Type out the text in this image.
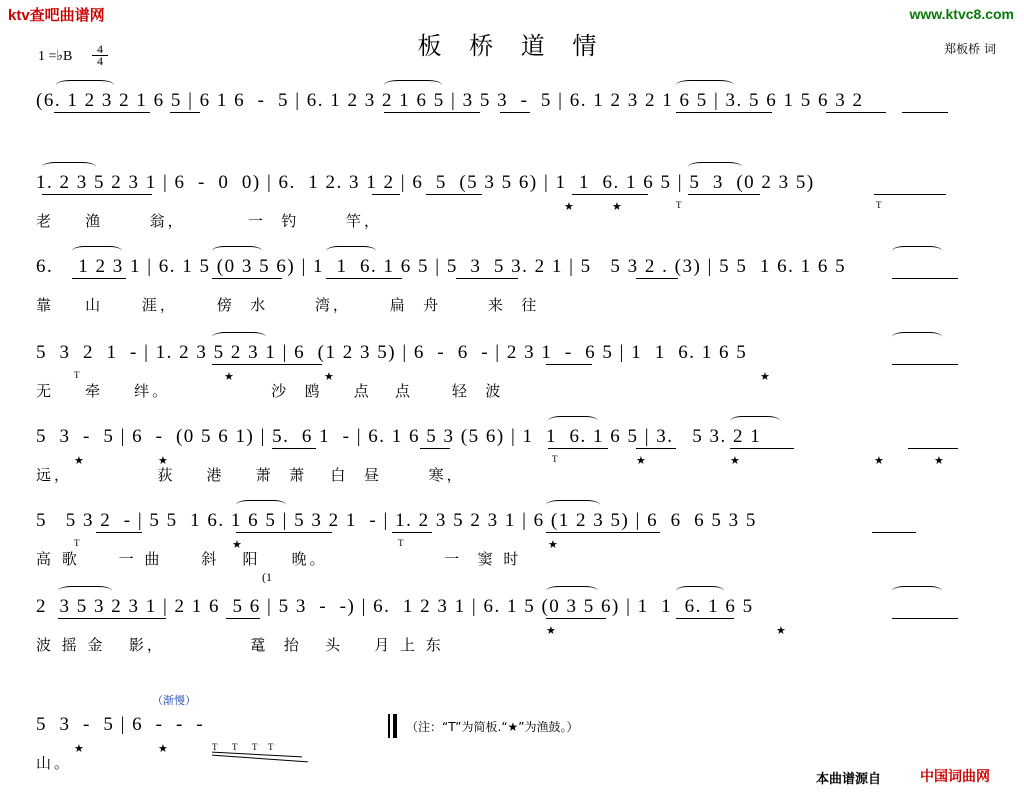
ktv查吧曲谱网	www.ktvc8.com
板 桥 道 情	郑板桥 词
1 =♭B $\frac{4}{4}$
(6. 1 2 3 2 1 6 5 | 6 1 6  -  5 | 6. 1 2 3 2 1 6 5 | 3 5 3  -  5 | 6. 1 2 3 2 1 6 5 | 3. 5 6 1 5 6 3 2
1. 2 3 5 2 3 1 | 6  -  0  0) | 6.  1 2. 3 1 2 | 6  5  (5 3 5 6) | 1  1  6. 1 6 5 | 5  3  (0 2 3 5)
老    渔      翁，        一  钓      竿，
★	★	T	T
6.    1 2 3 1 | 6. 1 5 (0 3 5 6) | 1  1  6. 1 6 5 | 5  3  5 3. 2 1 | 5   5 3 2 . (3) | 5 5  1 6. 1 6 5
靠    山     涯，     傍  水      湾，     扁  舟      来  往
5  3  2  1  - | 1. 2 3 5 2 3 1 | 6  (1 2 3 5) | 6  -  6  - | 2 3 1  -  6 5 | 1  1  6. 1 6 5
无    牵    绊。             沙  鸥    点   点     轻  波
T	★	★	★
5  3  -  5 | 6  -  (0 5 6 1) | 5.  6 1  - | 6. 1 6 5 3 (5 6) | 1  1  6. 1 6 5 | 3.   5 3. 2 1
远，           荻    港    萧  萧   白  昼      寒，
★	★	T	★	★	★	★
5   5 3 2  - | 5 5  1 6. 1 6 5 | 5 3 2 1  - | 1. 2 3 5 2 3 1 | 6 (1 2 3 5) | 6  6  6 5 3 5
高 歌     一 曲     斜   阳    晚。               一  窦 时
T	★	T	★
2  3 5 3 2 3 1 | 2 1 6  5 6 | 5 3  -  -) | 6.  1 2 3 1 | 6. 1 5 (0 3 5 6) | 1  1  6. 1 6 5
波 摇 金   影，           鼋  抬   头    月 上 东
★	★
(1
5  3  -  5 | 6  -  -  -
山。
★	★	T T T T
（渐慢）
（注：“T”为简板.“★”为渔鼓。）
本曲谱源自	中国词曲网
